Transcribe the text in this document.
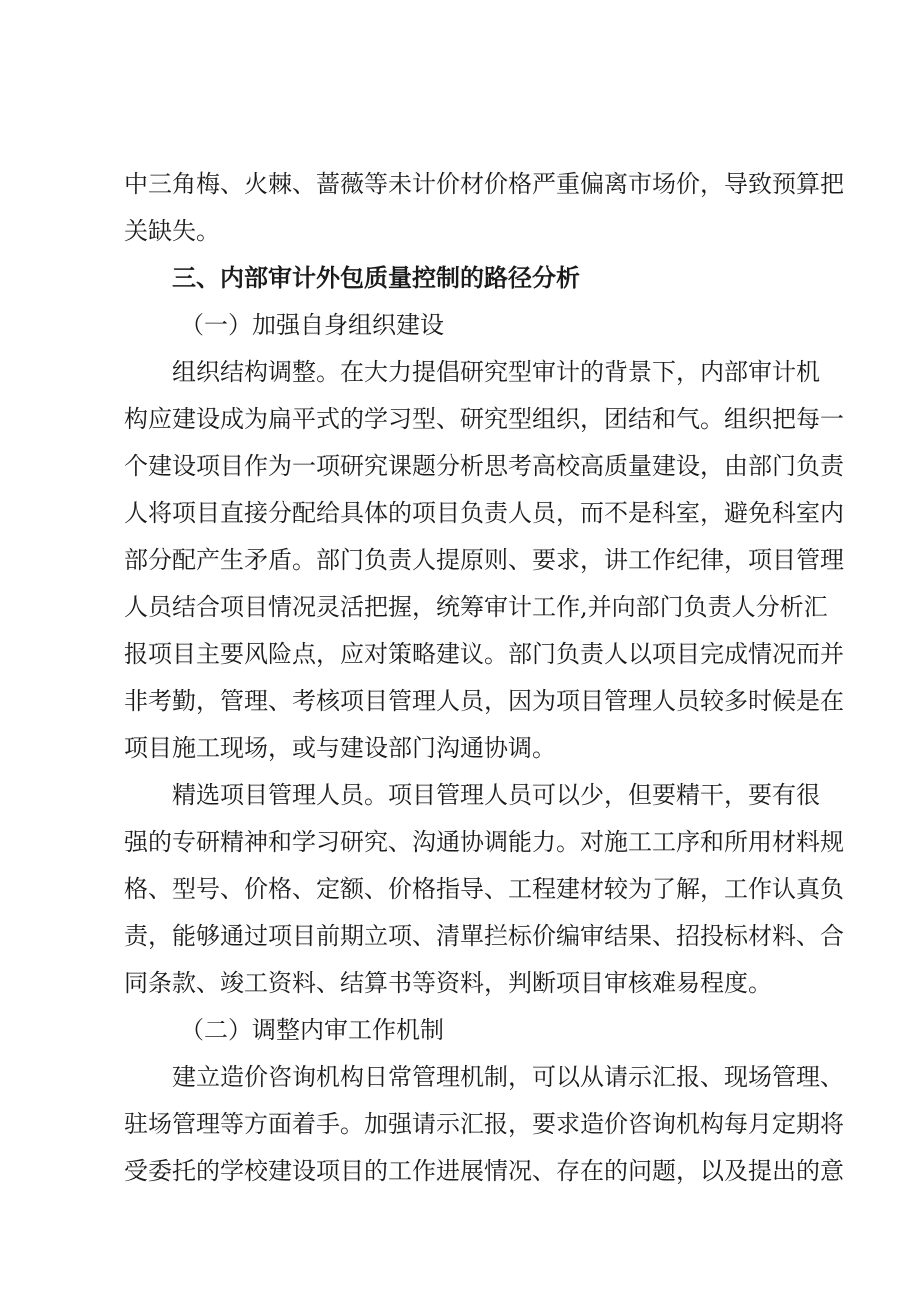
中三角梅、火棘、蔷薇等未计价材价格严重偏离市场价，导致预算把
关缺失。
三、内部审计外包质量控制的路径分析
（一）加强自身组织建设
组织结构调整。在大力提倡研究型审计的背景下，内部审计机
构应建设成为扁平式的学习型、研究型组织，团结和气。组织把每一
个建设项目作为一项研究课题分析思考高校高质量建设，由部门负责
人将项目直接分配给具体的项目负责人员，而不是科室，避免科室内
部分配产生矛盾。部门负责人提原则、要求，讲工作纪律，项目管理
人员结合项目情况灵活把握，统筹审计工作,并向部门负责人分析汇
报项目主要风险点，应对策略建议。部门负责人以项目完成情况而并
非考勤，管理、考核项目管理人员，因为项目管理人员较多时候是在
项目施工现场，或与建设部门沟通协调。
精选项目管理人员。项目管理人员可以少，但要精干，要有很
强的专研精神和学习研究、沟通协调能力。对施工工序和所用材料规
格、型号、价格、定额、价格指导、工程建材较为了解，工作认真负
责，能够通过项目前期立项、清單拦标价编审结果、招投标材料、合
同条款、竣工资料、结算书等资料，判断项目审核难易程度。
（二）调整内审工作机制
建立造价咨询机构日常管理机制，可以从请示汇报、现场管理、
驻场管理等方面着手。加强请示汇报，要求造价咨询机构每月定期将
受委托的学校建设项目的工作进展情况、存在的问题，以及提出的意
